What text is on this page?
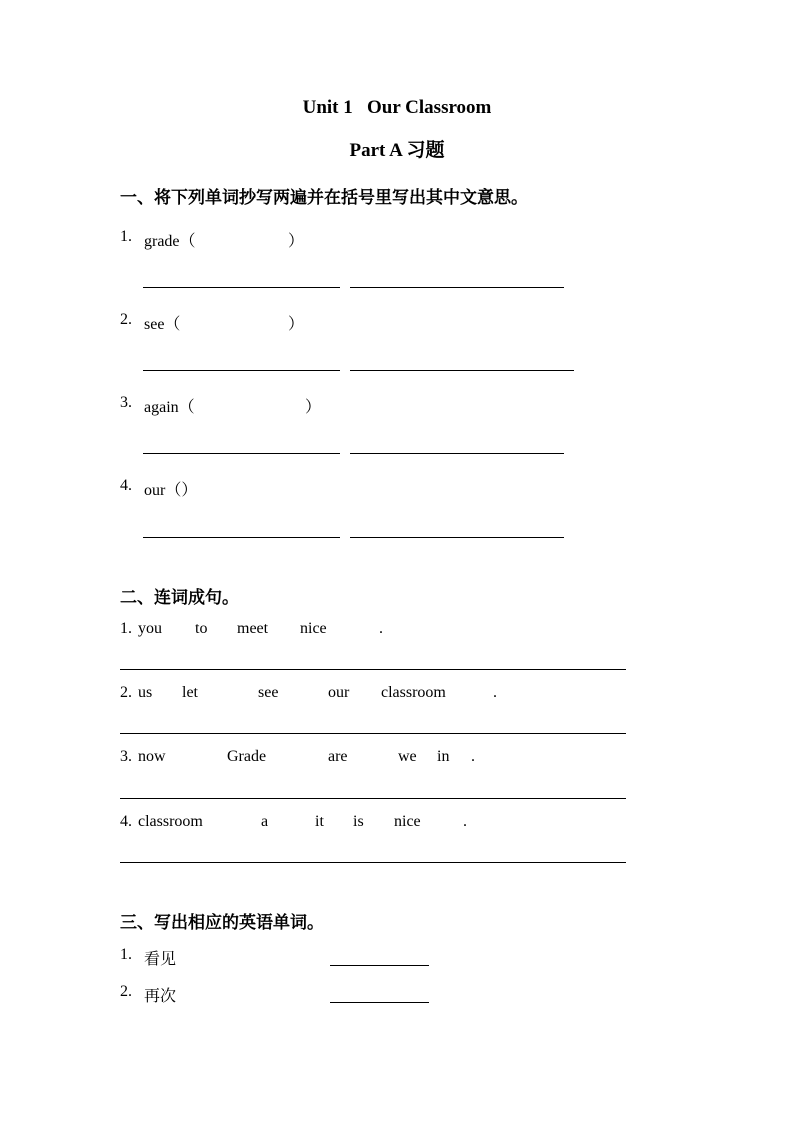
Unit 1   Our Classroom
Part A 习题
一、将下列单词抄写两遍并在括号里写出其中文意思。
1. grade（	）
2. see（	）
3. again（	）
4. our（）
二、连词成句。
1. you to meet nice	.
2. us let	see	our classroom	.
3. now	Grade	are	we in .
4. classroom	a	it is nice	.
三、写出相应的英语单词。
1. 看见
2. 再次
